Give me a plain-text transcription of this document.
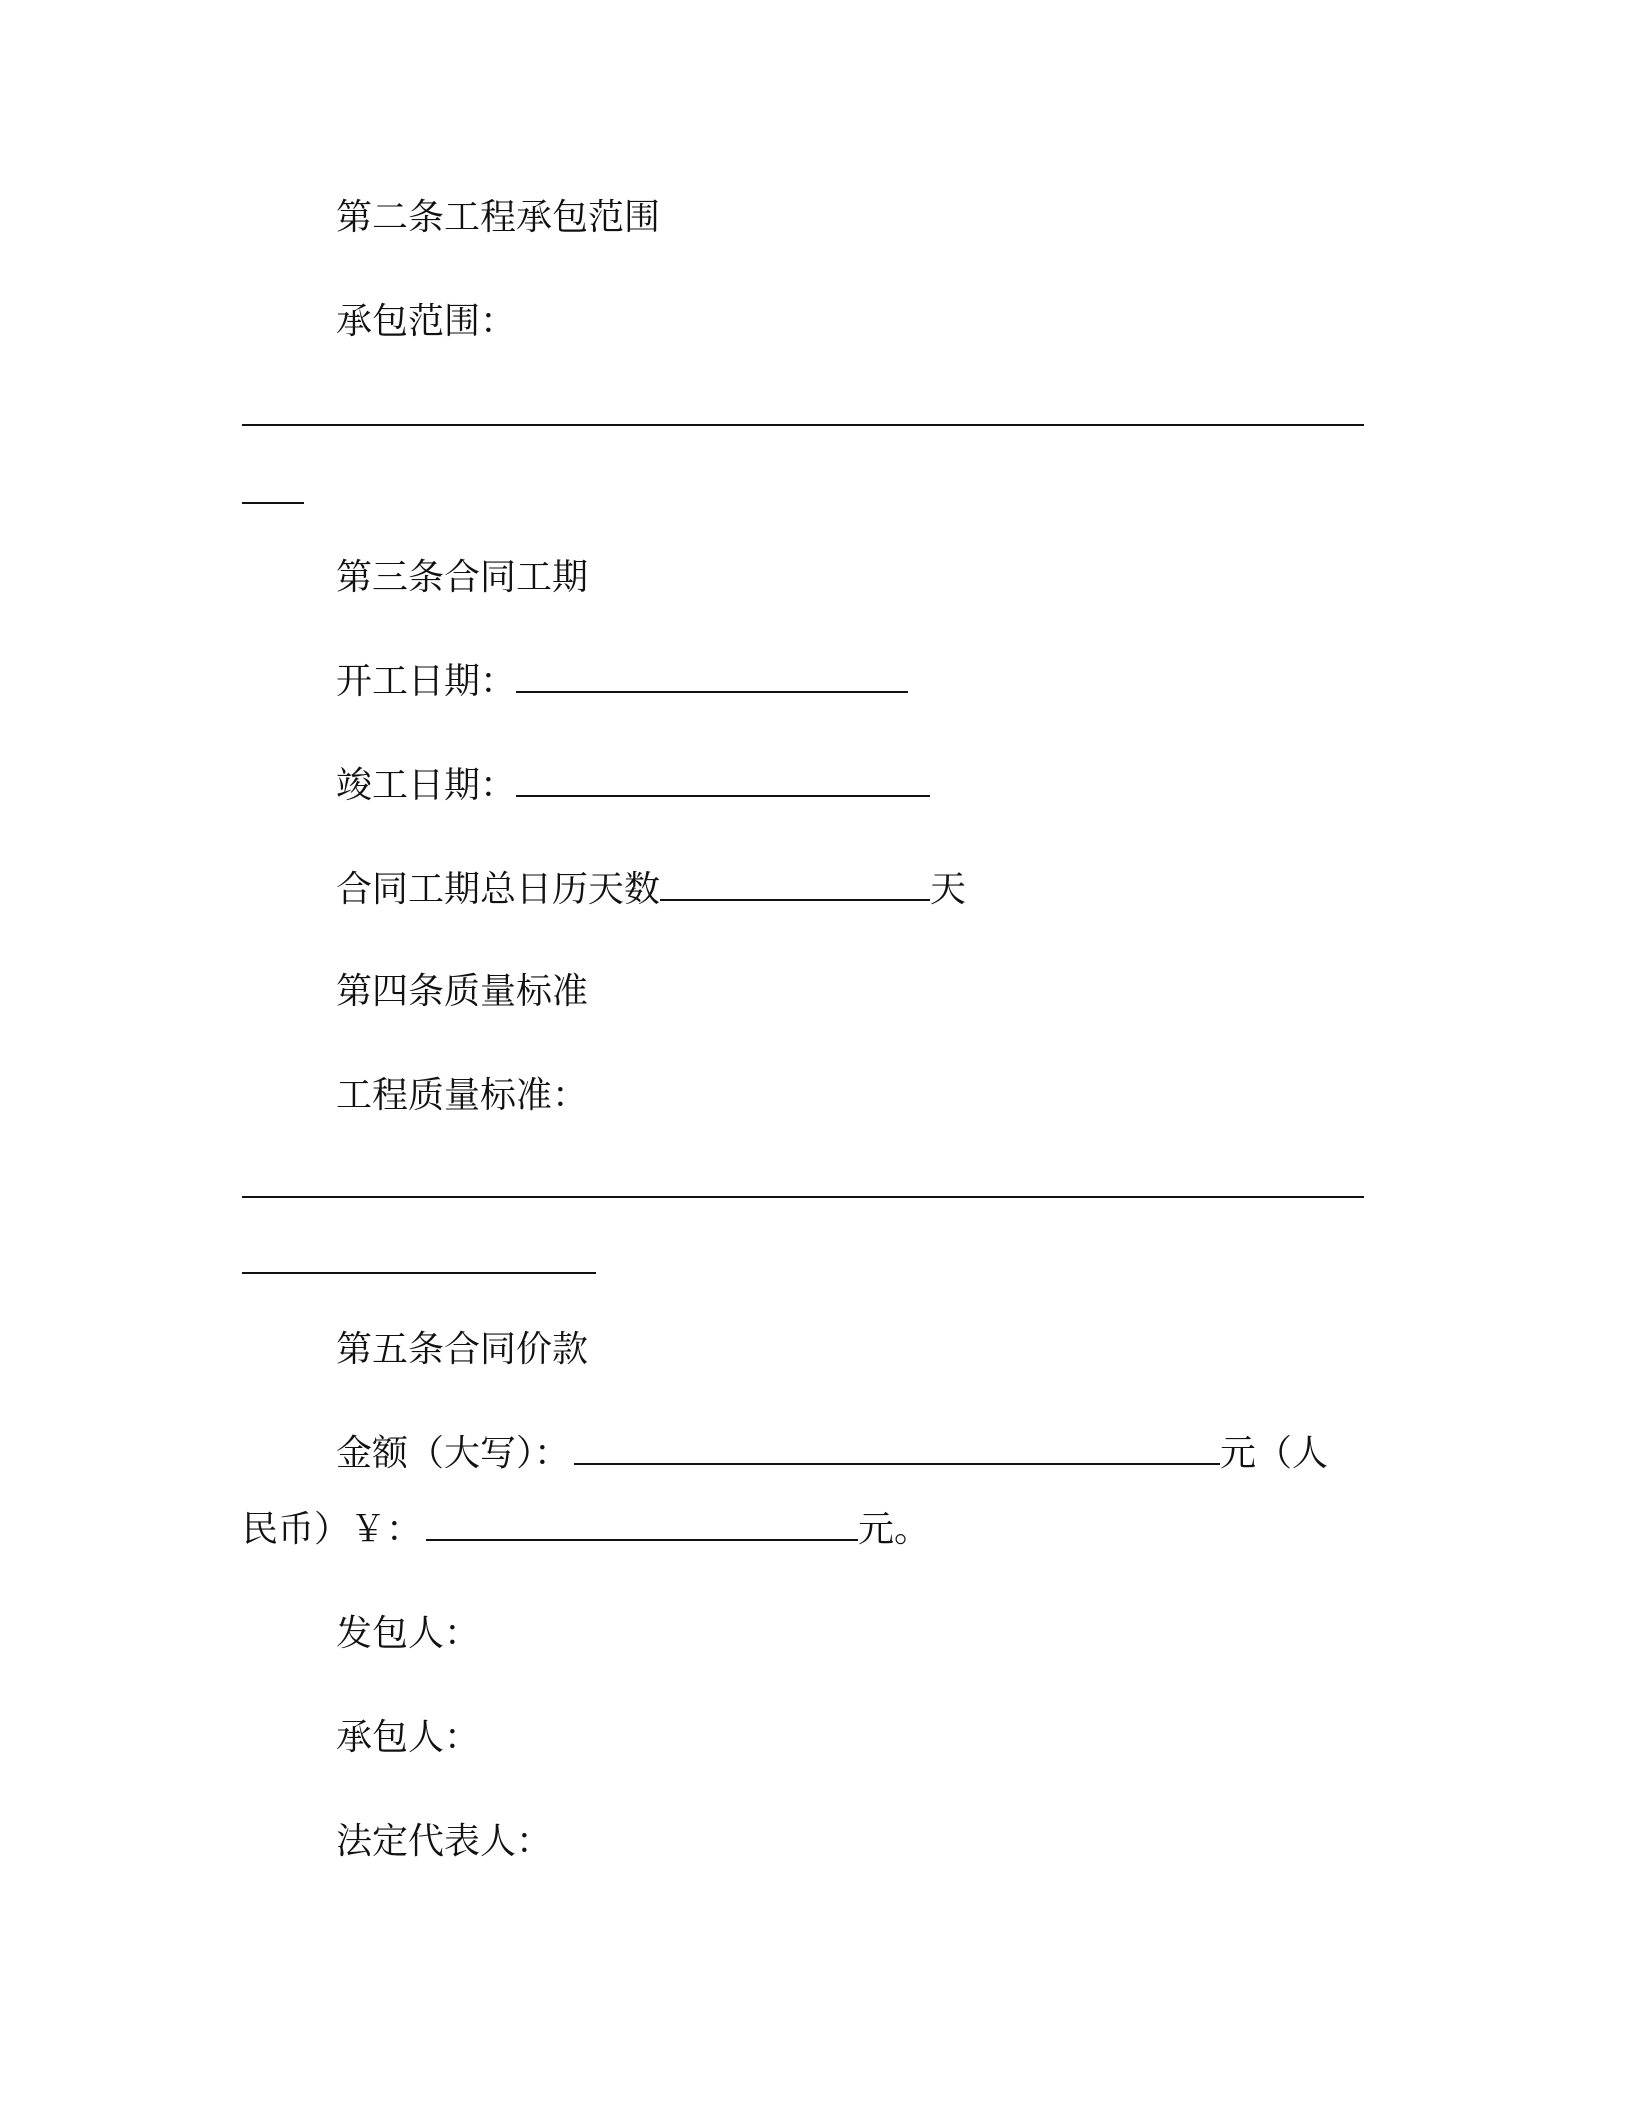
第二条工程承包范围
承包范围：
第三条合同工期
开工日期：
竣工日期：
合同工期总日历天数	天
第四条质量标准
工程质量标准：
第五条合同价款
金额（大写）：	元（人
民币）￥：	元。
发包人：
承包人：
法定代表人：
